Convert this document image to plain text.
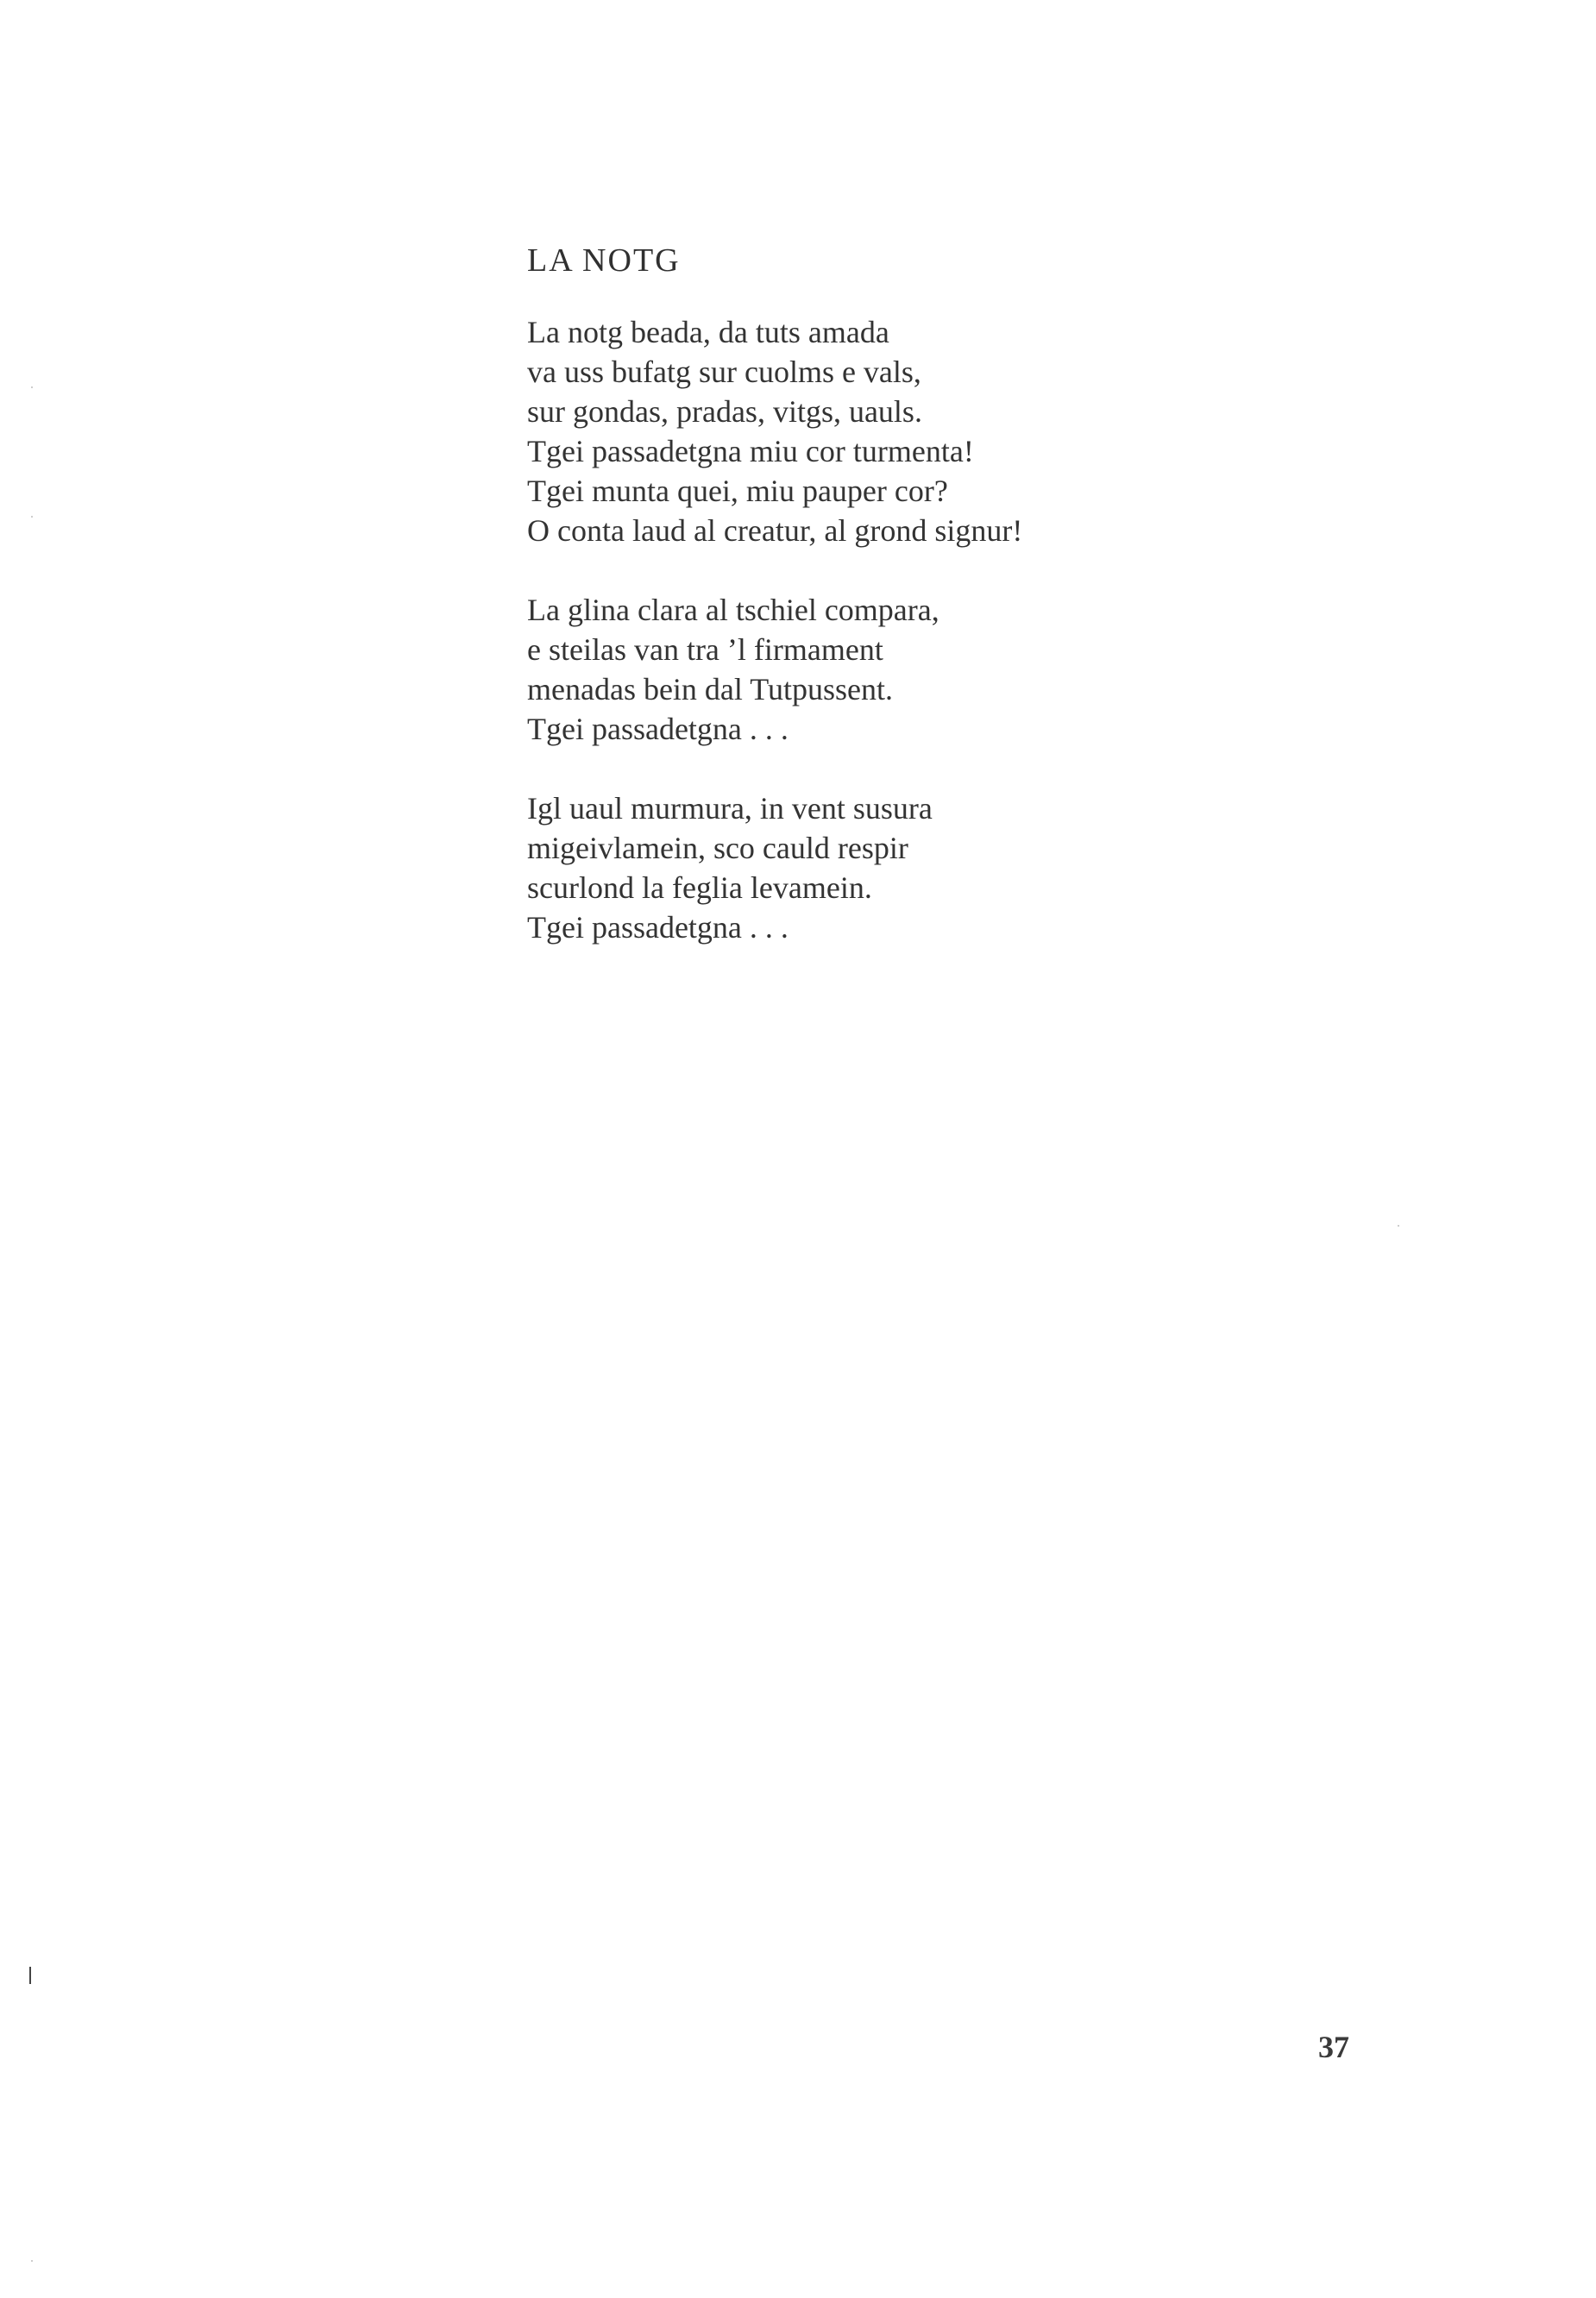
LA NOTG
La notg beada, da tuts amada
va uss bufatg sur cuolms e vals,
sur gondas, pradas, vitgs, uauls.
Tgei passadetgna miu cor turmenta!
Tgei munta quei, miu pauper cor?
O conta laud al creatur, al grond signur!
La glina clara al tschiel compara,
e steilas van tra ’l firmament
menadas bein dal Tutpussent.
Tgei passadetgna . . .
Igl uaul murmura, in vent susura
migeivlamein, sco cauld respir
scurlond la feglia levamein.
Tgei passadetgna . . .
37
